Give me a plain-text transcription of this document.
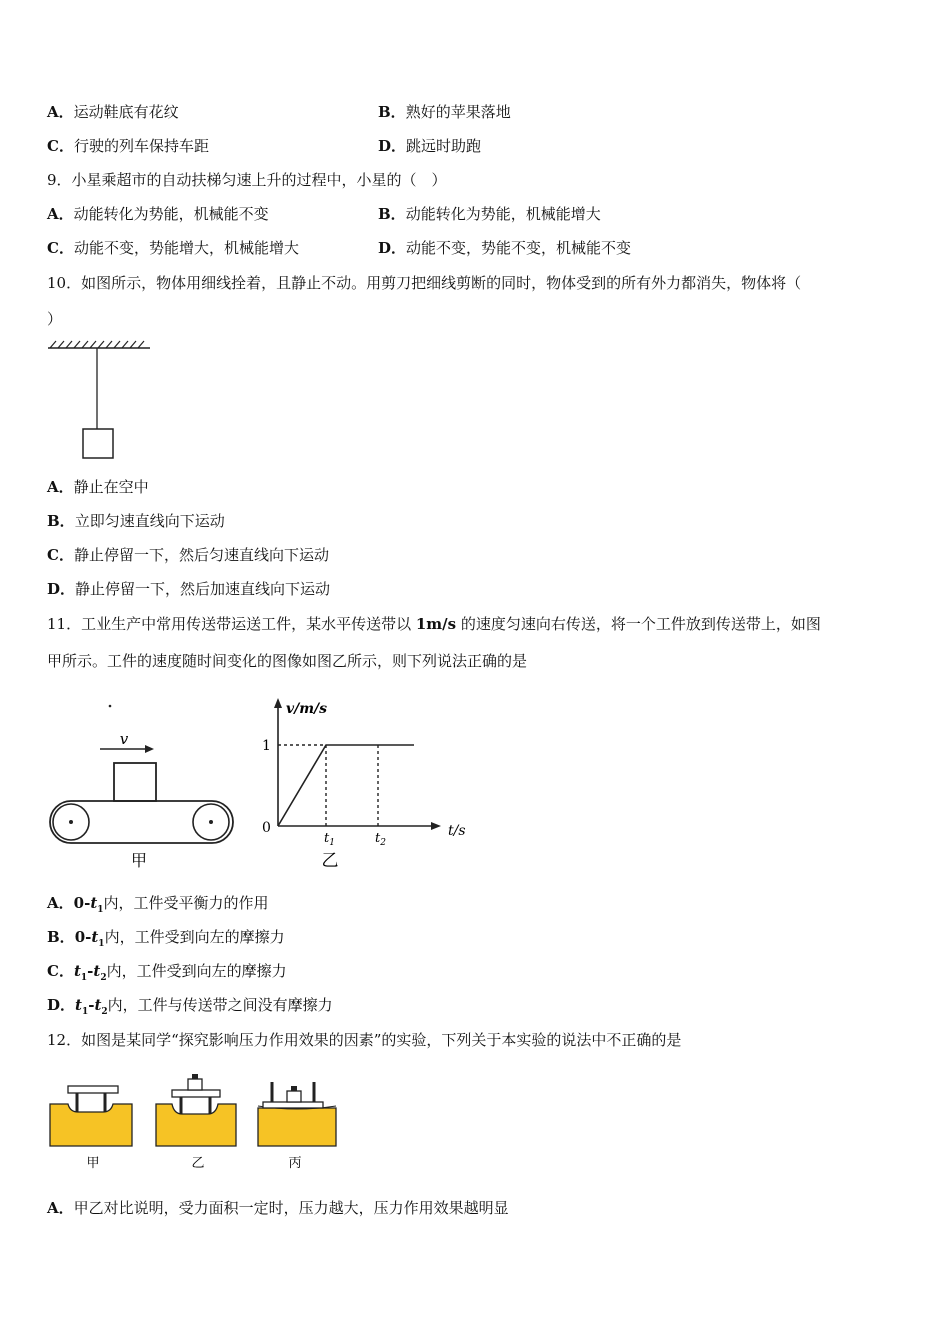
A．运动鞋底有花纹	B．熟好的苹果落地
C．行驶的列车保持车距	D．跳远时助跑
9．小星乘超市的自动扶梯匀速上升的过程中，小星的（　）
A．动能转化为势能，机械能不变	B．动能转化为势能，机械能增大
C．动能不变，势能增大，机械能增大	D．动能不变，势能不变，机械能不变
10．如图所示，物体用细线拴着，且静止不动。用剪刀把细线剪断的同时，物体受到的所有外力都消失，物体将（
）
A．静止在空中
B．立即匀速直线向下运动
C．静止停留一下，然后匀速直线向下运动
D．静止停留一下，然后加速直线向下运动
11．工业生产中常用传送带运送工件，某水平传送带以 1m/s 的速度匀速向右传送，将一个工件放到传送带上，如图
甲所示。工件的速度随时间变化的图像如图乙所示，则下列说法正确的是
v
甲
v/m/s
t/s
0
1
$t_1$	$t_2$
乙
A．$0-t_1$内，工件受平衡力的作用
B．$0-t_1$内，工件受到向左的摩擦力
C．$t_1-t_2$内，工件受到向左的摩擦力
D．$t_1-t_2$内，工件与传送带之间没有摩擦力
12．如图是某同学“探究影响压力作用效果的因素”的实验，下列关于本实验的说法中不正确的是
甲	乙	丙
A．甲乙对比说明，受力面积一定时，压力越大，压力作用效果越明显
